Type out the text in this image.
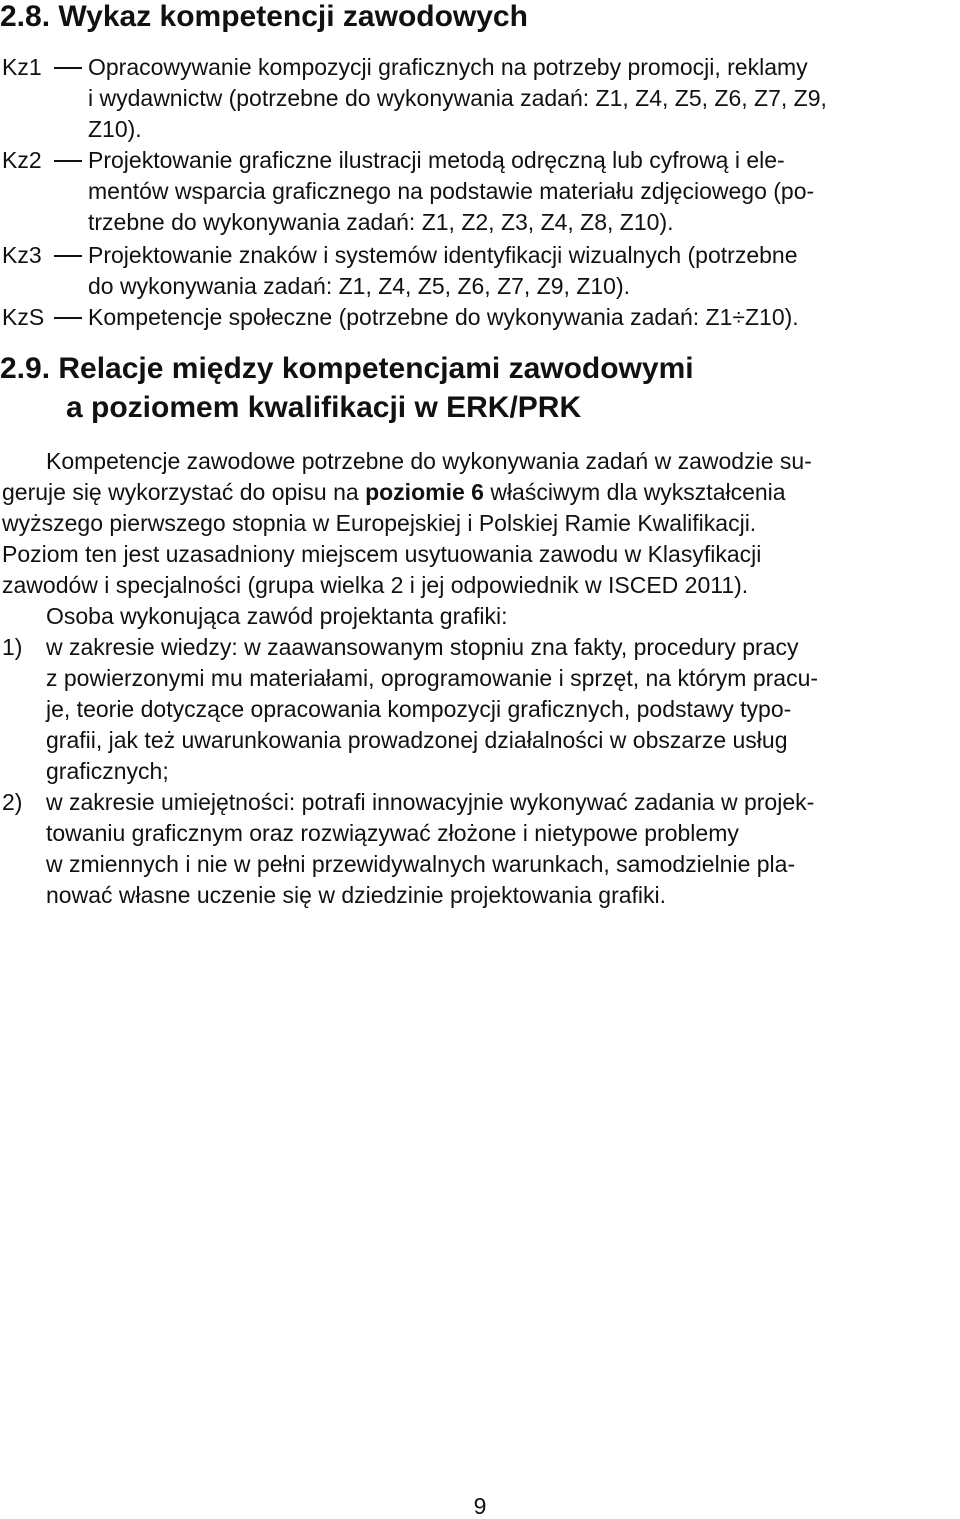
2.8. Wykaz kompetencji zawodowych
Kz1 Opracowywanie kompozycji graficznych na potrzeby promocji, reklamy
i wydawnictw (potrzebne do wykonywania zadań: Z1, Z4, Z5, Z6, Z7, Z9,
Z10).
Kz2 Projektowanie graficzne ilustracji metodą odręczną lub cyfrową i ele-
mentów wsparcia graficznego na podstawie materiału zdjęciowego (po-
trzebne do wykonywania zadań: Z1, Z2, Z3, Z4, Z8, Z10).
Kz3 Projektowanie znaków i systemów identyfikacji wizualnych (potrzebne
do wykonywania zadań: Z1, Z4, Z5, Z6, Z7, Z9, Z10).
KzS Kompetencje społeczne (potrzebne do wykonywania zadań: Z1÷Z10).
2.9. Relacje między kompetencjami zawodowymi
a poziomem kwalifikacji w ERK/PRK
Kompetencje zawodowe potrzebne do wykonywania zadań w zawodzie su-
geruje się wykorzystać do opisu na poziomie 6 właściwym dla wykształcenia
wyższego pierwszego stopnia w Europejskiej i Polskiej Ramie Kwalifikacji.
Poziom ten jest uzasadniony miejscem usytuowania zawodu w Klasyfikacji
zawodów i specjalności (grupa wielka 2 i jej odpowiednik w ISCED 2011).
Osoba wykonująca zawód projektanta grafiki:
1) w zakresie wiedzy: w zaawansowanym stopniu zna fakty, procedury pracy
z powierzonymi mu materiałami, oprogramowanie i sprzęt, na którym pracu-
je, teorie dotyczące opracowania kompozycji graficznych, podstawy typo-
grafii, jak też uwarunkowania prowadzonej działalności w obszarze usług
graficznych;
2) w zakresie umiejętności: potrafi innowacyjnie wykonywać zadania w projek-
towaniu graficznym oraz rozwiązywać złożone i nietypowe problemy
w zmiennych i nie w pełni przewidywalnych warunkach, samodzielnie pla-
nować własne uczenie się w dziedzinie projektowania grafiki.
9
